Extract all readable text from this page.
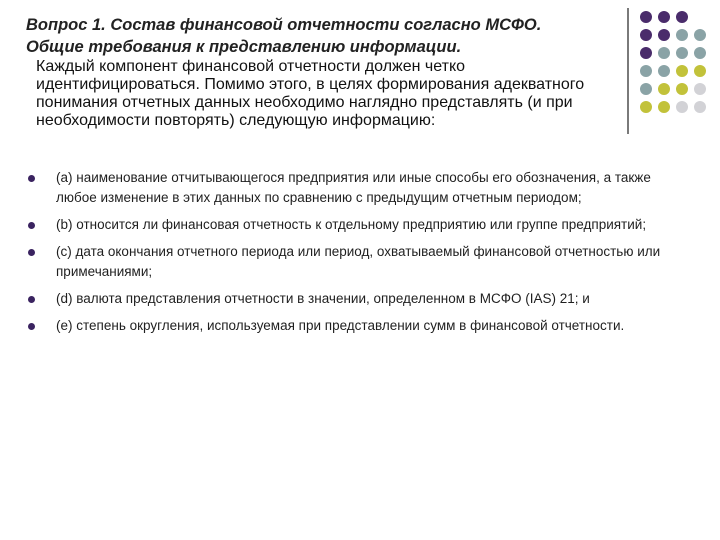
Вопрос 1. Состав финансовой отчетности согласно МСФО.
Общие требования к представлению информации.
Каждый компонент финансовой отчетности должен четко идентифицироваться. Помимо этого, в целях формирования адекватного понимания отчетных данных необходимо наглядно представлять (и при необходимости повторять) следующую информацию:
(a) наименование отчитывающегося предприятия или иные способы его обозначения, а также любое изменение в этих данных по сравнению с предыдущим отчетным периодом;
(b) относится ли финансовая отчетность к отдельному предприятию или группе предприятий;
(c) дата окончания отчетного периода или период, охватываемый финансовой отчетностью или примечаниями;
(d) валюта представления отчетности в значении, определенном в МСФО (IAS) 21; и
(e) степень округления, используемая при представлении сумм в финансовой отчетности.
